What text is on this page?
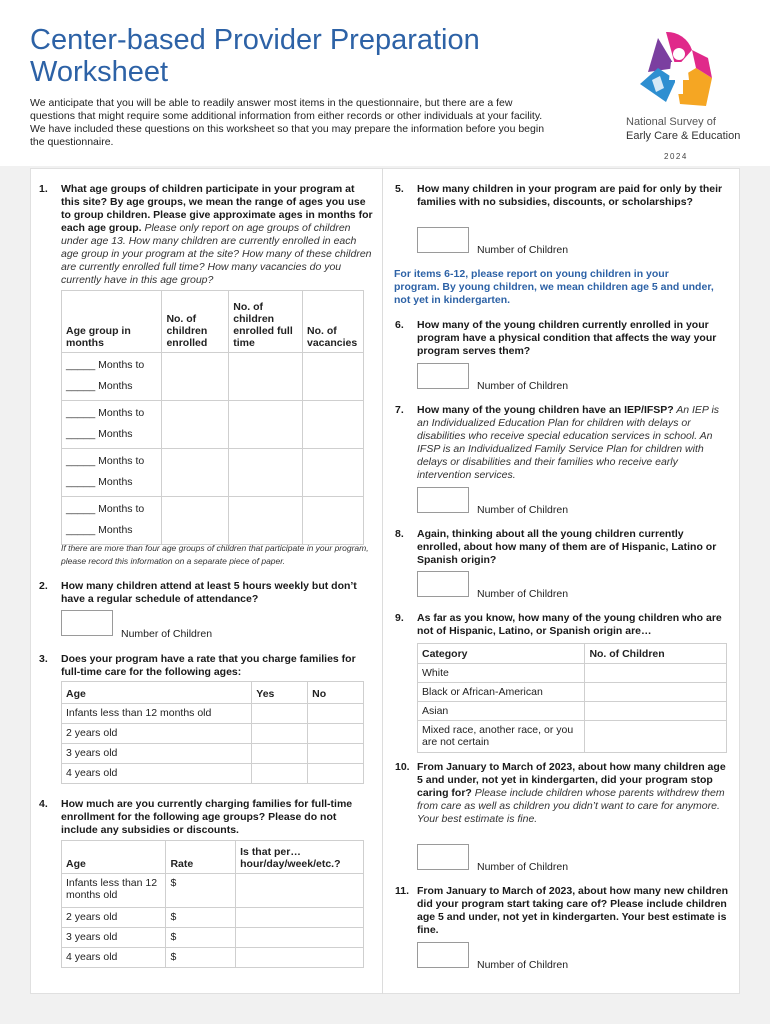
Center-based Provider Preparation
Worksheet
We anticipate that you will be able to readily answer most items in the questionnaire, but there are a few questions that might require some additional information from either records or other individuals at your facility. We have included these questions on this worksheet so that you may prepare the information before you begin the questionnaire.
National Survey of
Early Care & Education
2024
1. What age groups of children participate in your program at this site? By age groups, we mean the range of ages you use to group children. Please give approximate ages in months for each age group. Please only report on age groups of children under age 13. How many children are currently enrolled in each age group in your program at the site? How many of these children are currently enrolled full time? How many vacancies do you currently have in this age group?
Age group in months	No. of children enrolled	No. of children enrolled full time	No. of vacancies

_____ Months to
_____ Months			

_____ Months to
_____ Months			

_____ Months to
_____ Months			

_____ Months to
_____ Months			

If there are more than four age groups of children that participate in your program, please record this information on a separate piece of paper.
2. How many children attend at least 5 hours weekly but don’t have a regular schedule of attendance?
Number of Children
3. Does your program have a rate that you charge families for full-time care for the following ages:
Age	Yes	No
Infants less than 12 months old		
2 years old		
3 years old		
4 years old		
4. How much are you currently charging families for full-time enrollment for the following age groups? Please do not include any subsidies or discounts.
Age	Rate	Is that per… hour/day/week/etc.?
Infants less than 12 months old	$	
2 years old	$	
3 years old	$	
4 years old	$	
5. How many children in your program are paid for only by their families with no subsidies, discounts, or scholarships?
Number of Children
For items 6-12, please report on young children in your program. By young children, we mean children age 5 and under, not yet in kindergarten.
6. How many of the young children currently enrolled in your program have a physical condition that affects the way your program serves them?
Number of Children
7. How many of the young children have an IEP/IFSP? An IEP is an Individualized Education Plan for children with delays or disabilities who receive special education services in school. An IFSP is an Individualized Family Service Plan for children with delays or disabilities and their families who receive early intervention services.
Number of Children
8. Again, thinking about all the young children currently enrolled, about how many of them are of Hispanic, Latino or Spanish origin?
Number of Children
9. As far as you know, how many of the young children who are not of Hispanic, Latino, or Spanish origin are…
Category	No. of Children
White	
Black or African-American	
Asian	
Mixed race, another race, or you are not certain	
10. From January to March of 2023, about how many children age 5 and under, not yet in kindergarten, did your program stop caring for? Please include children whose parents withdrew them from care as well as children you didn’t want to care for anymore. Your best estimate is fine.
Number of Children
11. From January to March of 2023, about how many new children did your program start taking care of? Please include children age 5 and under, not yet in kindergarten. Your best estimate is fine.
Number of Children
